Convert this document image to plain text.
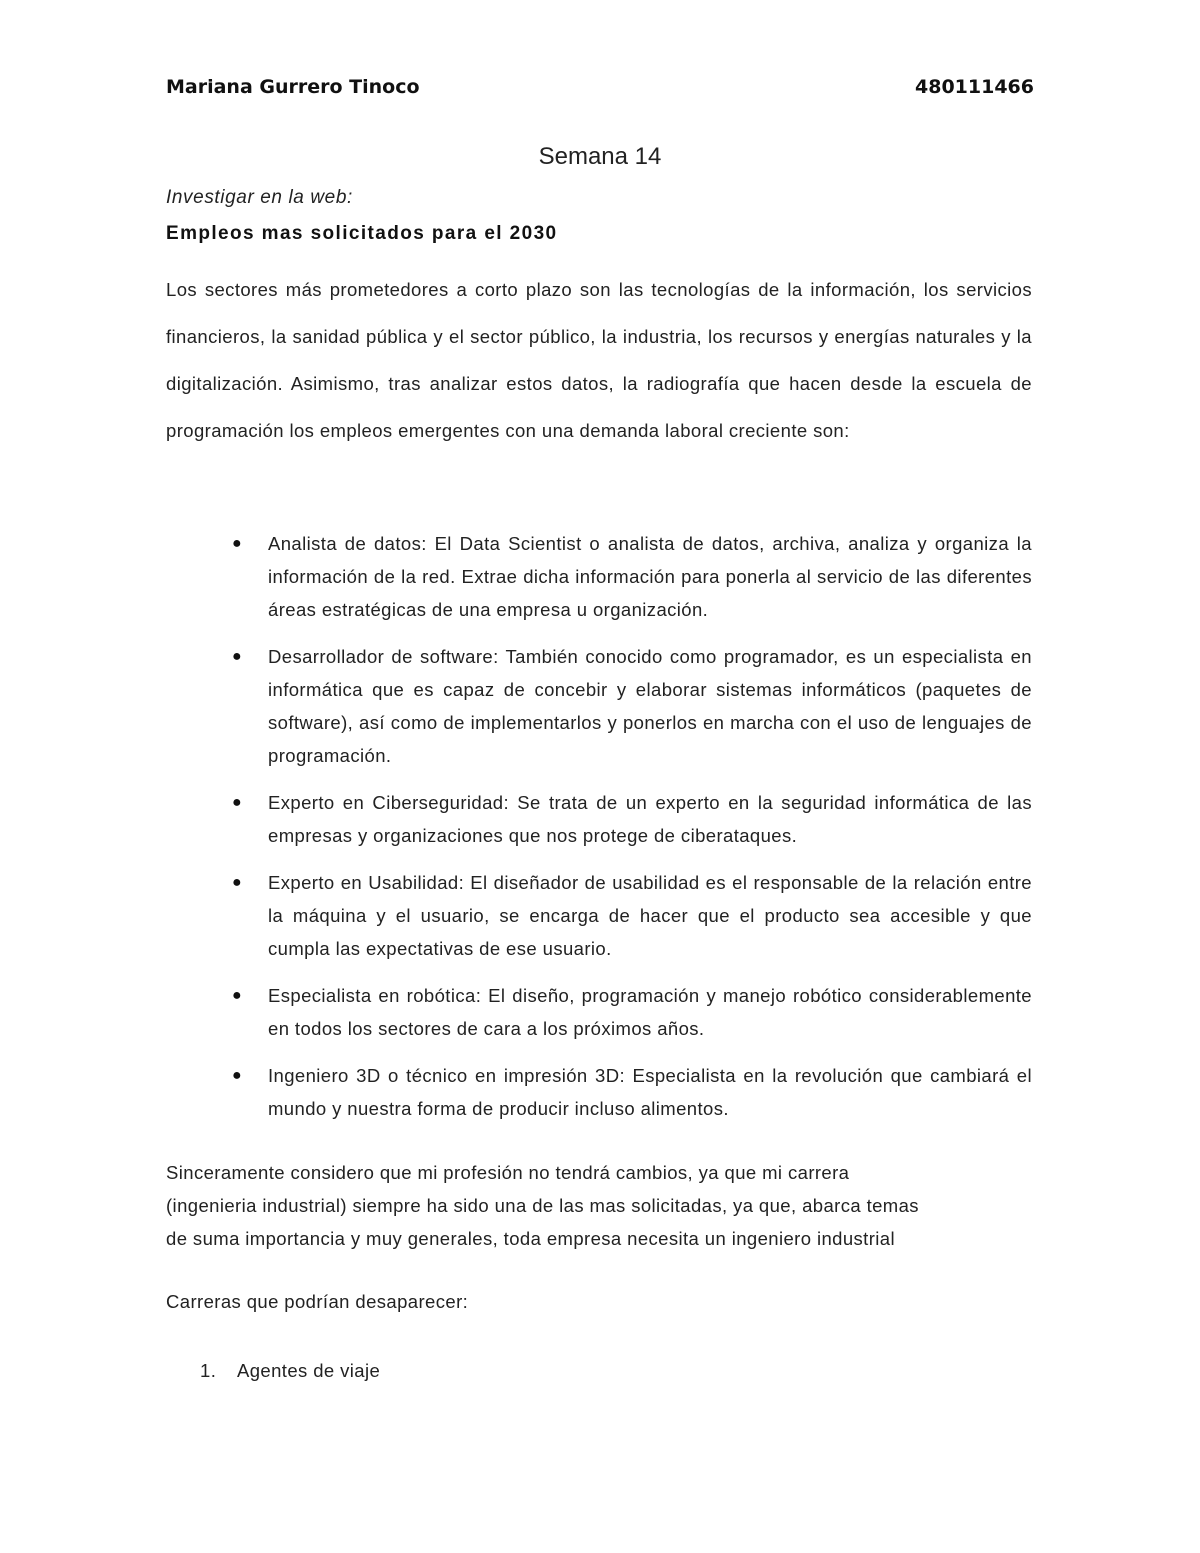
Mariana Gurrero Tinoco	480111466
Semana 14
Investigar en la web:
Empleos mas solicitados para el 2030

Los sectores más prometedores a corto plazo son las tecnologías de la información, los servicios financieros, la sanidad pública y el sector público, la industria, los recursos y energías naturales y la digitalización. Asimismo, tras analizar estos datos, la radiografía que hacen desde la escuela de programación los empleos emergentes con una demanda laboral creciente son:

● Analista de datos: El Data Scientist o analista de datos, archiva, analiza y organiza la información de la red. Extrae dicha información para ponerla al servicio de las diferentes áreas estratégicas de una empresa u organización.
● Desarrollador de software: También conocido como programador, es un especialista en informática que es capaz de concebir y elaborar sistemas informáticos (paquetes de software), así como de implementarlos y ponerlos en marcha con el uso de lenguajes de programación.
● Experto en Ciberseguridad: Se trata de un experto en la seguridad informática de las empresas y organizaciones que nos protege de ciberataques.
● Experto en Usabilidad: El diseñador de usabilidad es el responsable de la relación entre la máquina y el usuario, se encarga de hacer que el producto sea accesible y que cumpla las expectativas de ese usuario.
● Especialista en robótica: El diseño, programación y manejo robótico considerablemente en todos los sectores de cara a los próximos años.
● Ingeniero 3D o técnico en impresión 3D: Especialista en la revolución que cambiará el mundo y nuestra forma de producir incluso alimentos.

Sinceramente considero que mi profesión no tendrá cambios, ya que mi carrera
(ingenieria industrial) siempre ha sido una de las mas solicitadas, ya que, abarca temas
de suma importancia y muy generales, toda empresa necesita un ingeniero industrial

Carreras que podrían desaparecer:
1. Agentes de viaje
